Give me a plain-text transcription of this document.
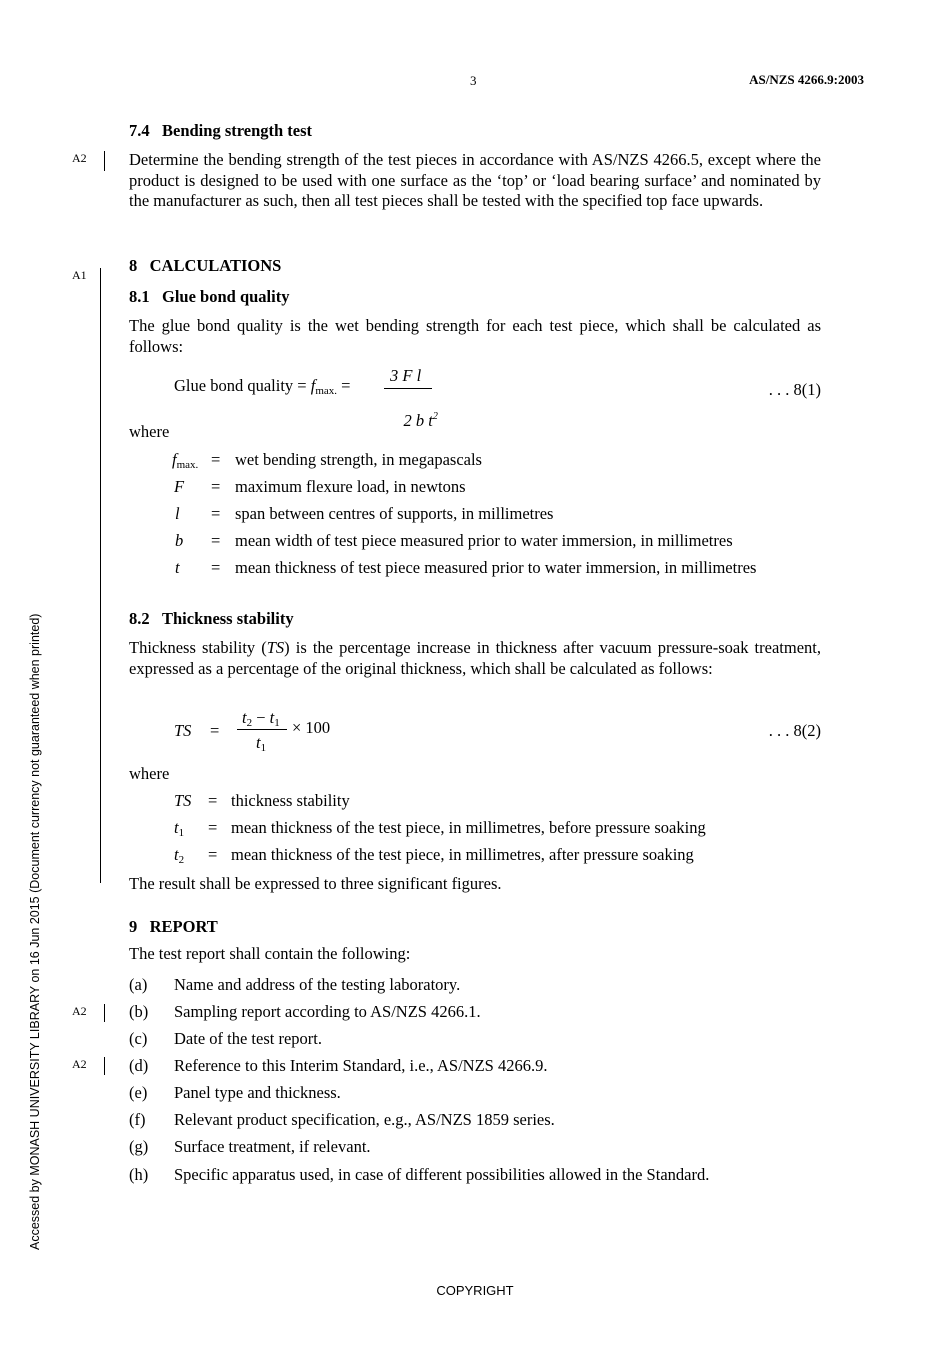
3	AS/NZS 4266.9:2003
Accessed by MONASH UNIVERSITY LIBRARY on 16 Jun 2015 (Document currency not guaranteed when printed)
A2
A1
A2
A2
7.4 Bending strength test
Determine the bending strength of the test pieces in accordance with AS/NZS 4266.5, except where the product is designed to be used with one surface as the ‘top’ or ‘load bearing surface’ and nominated by the manufacturer as such, then all test pieces shall be tested with the specified top face upwards.
8 CALCULATIONS
8.1 Glue bond quality
The glue bond quality is the wet bending strength for each test piece, which shall be calculated as follows:
Glue bond quality = fmax. =
3 F l

2 b $t^2$

. . . 8(1)
where
fmax. = wet bending strength, in megapascals
F = maximum flexure load, in newtons
l = span between centres of supports, in millimetres
b = mean width of test piece measured prior to water immersion, in millimetres
t = mean thickness of test piece measured prior to water immersion, in millimetres
8.2 Thickness stability
Thickness stability (TS) is the percentage increase in thickness after vacuum pressure-soak treatment, expressed as a percentage of the original thickness, which shall be calculated as follows:
TS =
t2 − t1
t1
× 100	. . . 8(2)
where
TS = thickness stability
t1 = mean thickness of the test piece, in millimetres, before pressure soaking
t2 = mean thickness of the test piece, in millimetres, after pressure soaking
The result shall be expressed to three significant figures.
9 REPORT
The test report shall contain the following:
(a) Name and address of the testing laboratory.
(b) Sampling report according to AS/NZS 4266.1.
(c) Date of the test report.
(d) Reference to this Interim Standard, i.e., AS/NZS 4266.9.
(e) Panel type and thickness.
(f) Relevant product specification, e.g., AS/NZS 1859 series.
(g) Surface treatment, if relevant.
(h) Specific apparatus used, in case of different possibilities allowed in the Standard.
COPYRIGHT
